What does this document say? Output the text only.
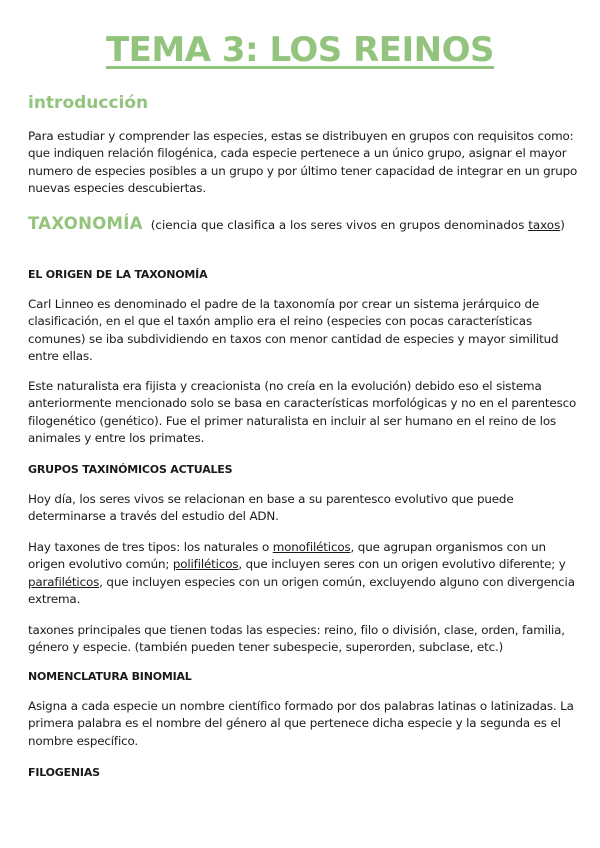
TEMA 3: LOS REINOS
introducción

Para estudiar y comprender las especies, estas se distribuyen en grupos con requisitos como: que indiquen relación filogénica, cada especie pertenece a un único grupo, asignar el mayor numero de especies posibles a un grupo y por último tener capacidad de integrar en un grupo nuevas especies descubiertas.

TAXONOMÍA (ciencia que clasifica a los seres vivos en grupos denominados taxos)
EL ORIGEN DE LA TAXONOMÍA

Carl Linneo es denominado el padre de la taxonomía por crear un sistema jerárquico de clasificación, en el que el taxón amplio era el reino (especies con pocas características comunes) se iba subdividiendo en taxos con menor cantidad de especies y mayor similitud entre ellas.

Este naturalista era fijista y creacionista (no creía en la evolución) debido eso el sistema anteriormente mencionado solo se basa en características morfológicas y no en el parentesco filogenético (genético). Fue el primer naturalista en incluir al ser humano en el reino de los animales y entre los primates.

GRUPOS TAXINÓMICOS ACTUALES

Hoy día, los seres vivos se relacionan en base a su parentesco evolutivo que puede determinarse a través del estudio del ADN.

Hay taxones de tres tipos: los naturales o monofiléticos, que agrupan organismos con un origen evolutivo común; polifiléticos, que incluyen seres con un origen evolutivo diferente; y parafiléticos, que incluyen especies con un origen común, excluyendo alguno con divergencia extrema.

taxones principales que tienen todas las especies: reino, filo o división, clase, orden, familia, género y especie. (también pueden tener subespecie, superorden, subclase, etc.)

NOMENCLATURA BINOMIAL

Asigna a cada especie un nombre científico formado por dos palabras latinas o latinizadas. La primera palabra es el nombre del género al que pertenece dicha especie y la segunda es el nombre específico.

FILOGENIAS
